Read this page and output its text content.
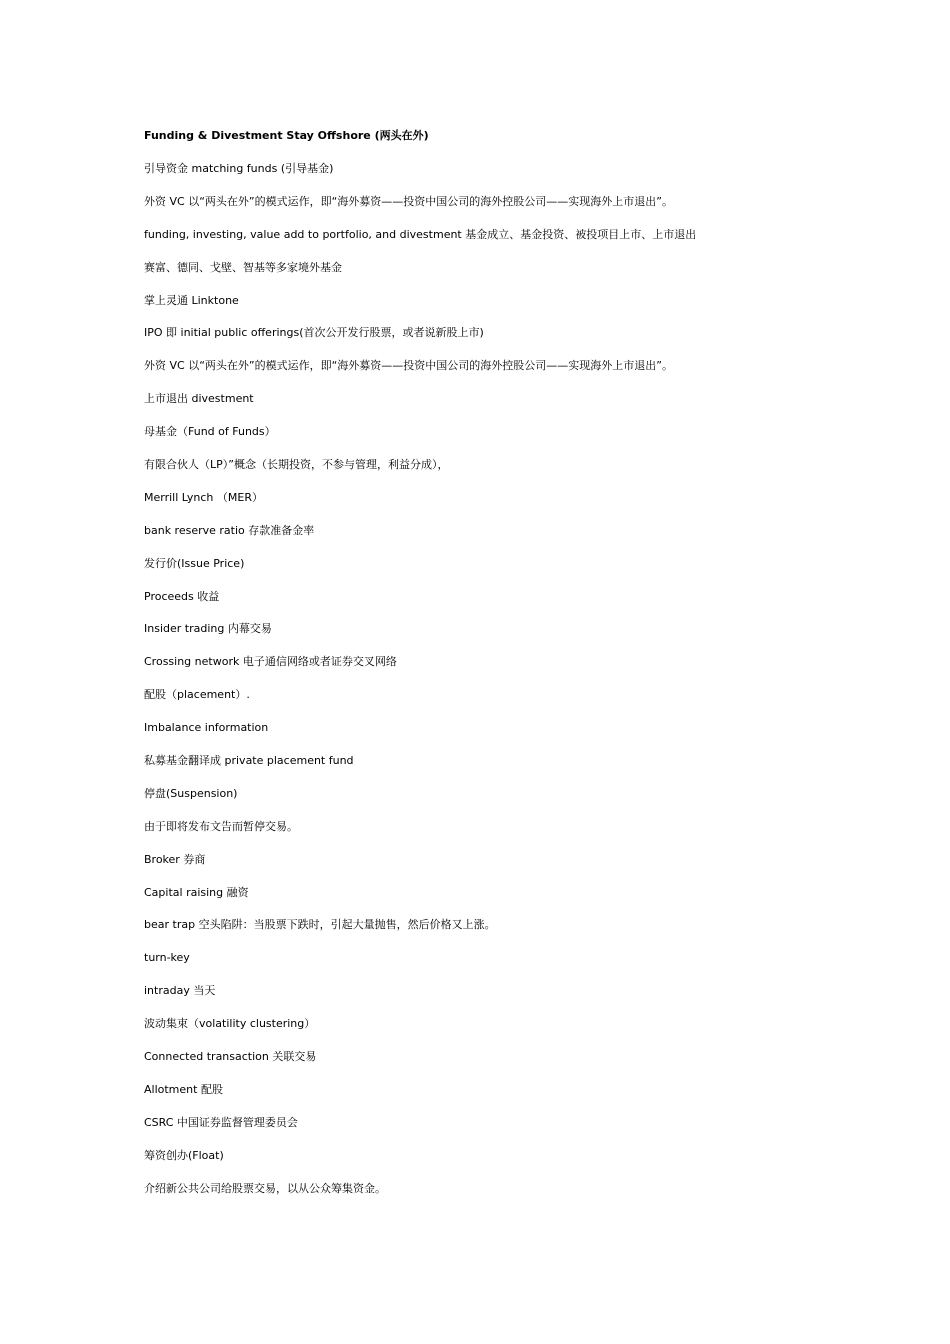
Funding & Divestment Stay Offshore (两头在外)
引导资金 matching funds (引导基金)
外资 VC 以“两头在外”的模式运作，即“海外募资——投资中国公司的海外控股公司——实现海外上市退出”。
funding, investing, value add to portfolio, and divestment 基金成立、基金投资、被投项目上市、上市退出
赛富、德同、戈壁、智基等多家境外基金
掌上灵通 Linktone
IPO 即 initial public offerings(首次公开发行股票，或者说新股上市)
外资 VC 以“两头在外”的模式运作，即“海外募资——投资中国公司的海外控股公司——实现海外上市退出”。
上市退出 divestment
母基金（Fund of Funds）
有限合伙人（LP）”概念（长期投资，不参与管理，利益分成），
Merrill Lynch （MER）
bank reserve ratio 存款准备金率
发行价(Issue Price)
Proceeds 收益
Insider trading 内幕交易
Crossing network 电子通信网络或者证券交叉网络
配股（placement）.
Imbalance information
私募基金翻译成 private placement fund
停盘(Suspension)
由于即将发布文告而暂停交易。
Broker 券商
Capital raising 融资
bear trap 空头陷阱：当股票下跌时，引起大量抛售，然后价格又上涨。
turn-key
intraday 当天
波动集束（volatility clustering）
Connected transaction 关联交易
Allotment 配股
CSRC 中国证券监督管理委员会
筹资创办(Float)
介绍新公共公司给股票交易，以从公众筹集资金。
